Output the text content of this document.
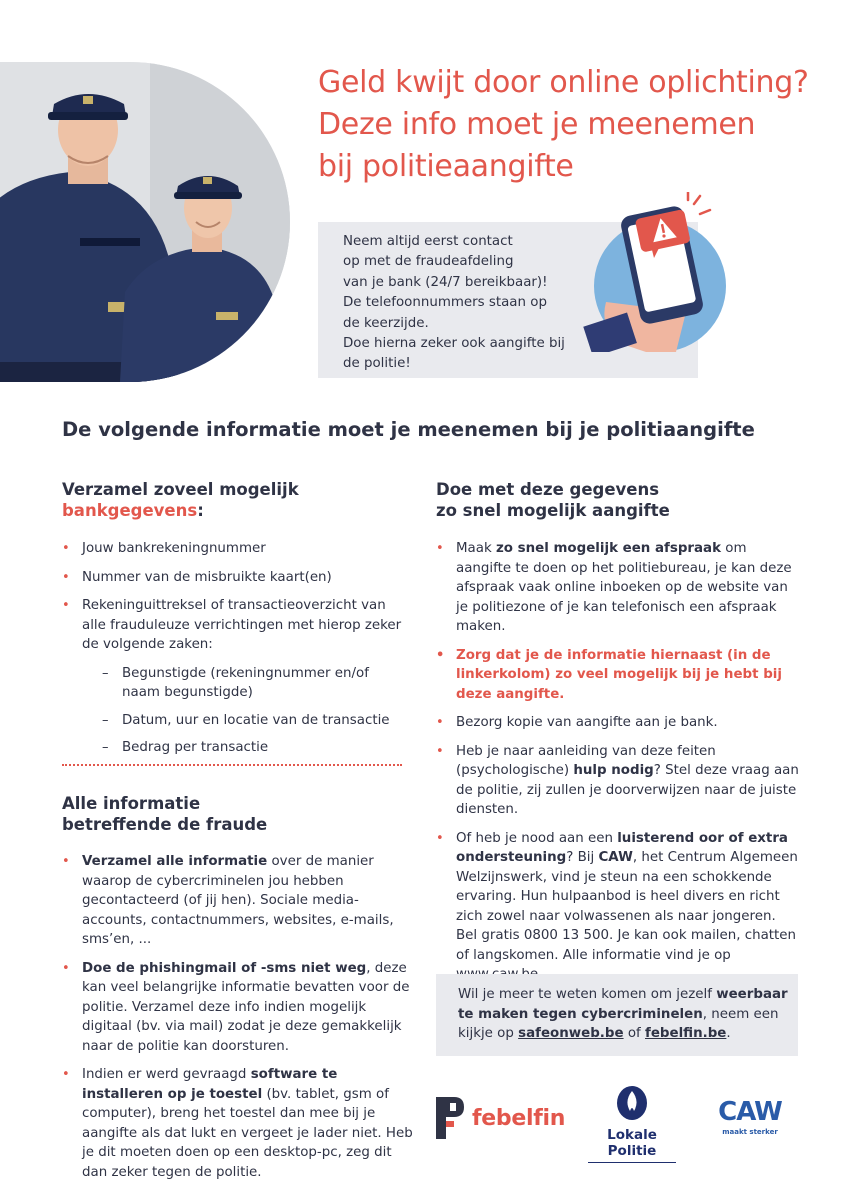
Geld kwijt door online oplichting?
Deze info moet je meenemen
bij politieaangifte
Neem altijd eerst contact
op met de fraudeafdeling
van je bank (24/7 bereikbaar)!
De telefoonnummers staan op
de keerzijde.
Doe hierna zeker ook aangifte bij
de politie!
De volgende informatie moet je meenemen bij je politiaangifte
Verzamel zoveel mogelijk
bankgegevens:
• Jouw bankrekeningnummer
• Nummer van de misbruikte kaart(en)
• Rekeninguittreksel of transactieoverzicht van alle frauduleuze verrichtingen met hierop zeker de volgende zaken:
– Begunstigde (rekeningnummer en/of naam begunstigde)
– Datum, uur en locatie van de transactie
– Bedrag per transactie
Alle informatie
betreffende de fraude
• Verzamel alle informatie over de manier waarop de cybercriminelen jou hebben gecontacteerd (of jij hen). Sociale media-accounts, contactnummers, websites, e-mails, sms’en, ...
• Doe de phishingmail of -sms niet weg, deze kan veel belangrijke informatie bevatten voor de politie. Verzamel deze info indien mogelijk digitaal (bv. via mail) zodat je deze gemakkelijk naar de politie kan doorsturen.
• Indien er werd gevraagd software te installeren op je toestel (bv. tablet, gsm of computer), breng het toestel dan mee bij je aangifte als dat lukt en vergeet je lader niet. Heb je dit moeten doen op een desktop-pc, zeg dit dan zeker tegen de politie.
Doe met deze gegevens
zo snel mogelijk aangifte
• Maak zo snel mogelijk een afspraak om aangifte te doen op het politiebureau, je kan deze afspraak vaak online inboeken op de website van je politiezone of je kan telefonisch een afspraak maken.
• Zorg dat je de informatie hiernaast (in de linkerkolom) zo veel mogelijk bij je hebt bij deze aangifte.
• Bezorg kopie van aangifte aan je bank.
• Heb je naar aanleiding van deze feiten (psychologische) hulp nodig? Stel deze vraag aan de politie, zij zullen je doorverwijzen naar de juiste diensten.
• Of heb je nood aan een luisterend oor of extra ondersteuning? Bij CAW, het Centrum Algemeen Welzijnswerk, vind je steun na een schokkende ervaring. Hun hulpaanbod is heel divers en richt zich zowel naar volwassenen als naar jongeren. Bel gratis 0800 13 500. Je kan ook mailen, chatten of langskomen. Alle informatie vind je op
Wil je meer te weten komen om jezelf weerbaar te maken tegen cybercriminelen, neem een kijkje op safeonweb.be of febelfin.be.
febelfin
Lokale Politie
CAW
maakt sterker
